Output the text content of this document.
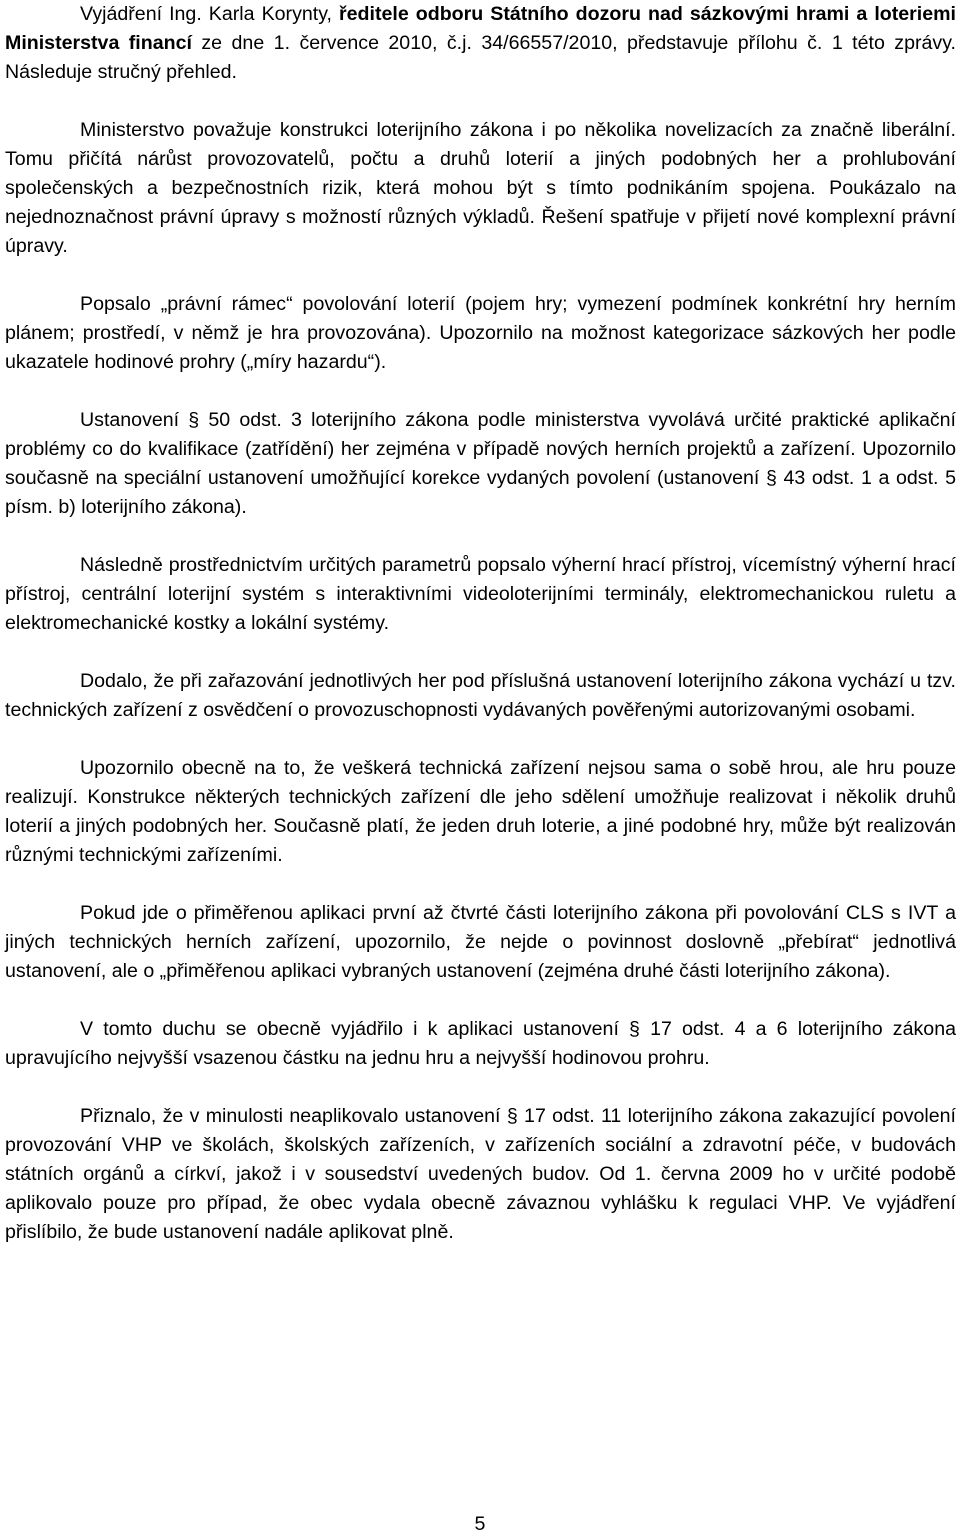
Vyjádření Ing. Karla Korynty, ředitele odboru Státního dozoru nad sázkovými hrami a loteriemi Ministerstva financí ze dne 1. července 2010, č.j. 34/66557/2010, představuje přílohu č. 1 této zprávy. Následuje stručný přehled.

Ministerstvo považuje konstrukci loterijního zákona i po několika novelizacích za značně liberální. Tomu přičítá nárůst provozovatelů, počtu a druhů loterií a jiných podobných her a prohlubování společenských a bezpečnostních rizik, která mohou být s tímto podnikáním spojena. Poukázalo na nejednoznačnost právní úpravy s možností různých výkladů. Řešení spatřuje v přijetí nové komplexní právní úpravy.

Popsalo „právní rámec“ povolování loterií (pojem hry; vymezení podmínek konkrétní hry herním plánem; prostředí, v němž je hra provozována). Upozornilo na možnost kategorizace sázkových her podle ukazatele hodinové prohry („míry hazardu“).

Ustanovení § 50 odst. 3 loterijního zákona podle ministerstva vyvolává určité praktické aplikační problémy co do kvalifikace (zatřídění) her zejména v případě nových herních projektů a zařízení. Upozornilo současně na speciální ustanovení umožňující korekce vydaných povolení (ustanovení § 43 odst. 1 a odst. 5 písm. b) loterijního zákona).

Následně prostřednictvím určitých parametrů popsalo výherní hrací přístroj, vícemístný výherní hrací přístroj, centrální loterijní systém s interaktivními videoloterijními terminály, elektromechanickou ruletu a elektromechanické kostky a lokální systémy.

Dodalo, že při zařazování jednotlivých her pod příslušná ustanovení loterijního zákona vychází u tzv. technických zařízení z osvědčení o provozuschopnosti vydávaných pověřenými autorizovanými osobami.

Upozornilo obecně na to, že veškerá technická zařízení nejsou sama o sobě hrou, ale hru pouze realizují. Konstrukce některých technických zařízení dle jeho sdělení umožňuje realizovat i několik druhů loterií a jiných podobných her. Současně platí, že jeden druh loterie, a jiné podobné hry, může být realizován různými technickými zařízeními.

Pokud jde o přiměřenou aplikaci první až čtvrté části loterijního zákona při povolování CLS s IVT a jiných technických herních zařízení, upozornilo, že nejde o povinnost doslovně „přebírat“ jednotlivá ustanovení, ale o „přiměřenou aplikaci vybraných ustanovení (zejména druhé části loterijního zákona).

V tomto duchu se obecně vyjádřilo i k aplikaci ustanovení § 17 odst. 4 a 6 loterijního zákona upravujícího nejvyšší vsazenou částku na jednu hru a nejvyšší hodinovou prohru.

Přiznalo, že v minulosti neaplikovalo ustanovení § 17 odst. 11 loterijního zákona zakazující povolení provozování VHP ve školách, školských zařízeních, v zařízeních sociální a zdravotní péče, v budovách státních orgánů a církví, jakož i v sousedství uvedených budov. Od 1. června 2009 ho v určité podobě aplikovalo pouze pro případ, že obec vydala obecně závaznou vyhlášku k regulaci VHP. Ve vyjádření přislíbilo, že bude ustanovení nadále aplikovat plně.

5
